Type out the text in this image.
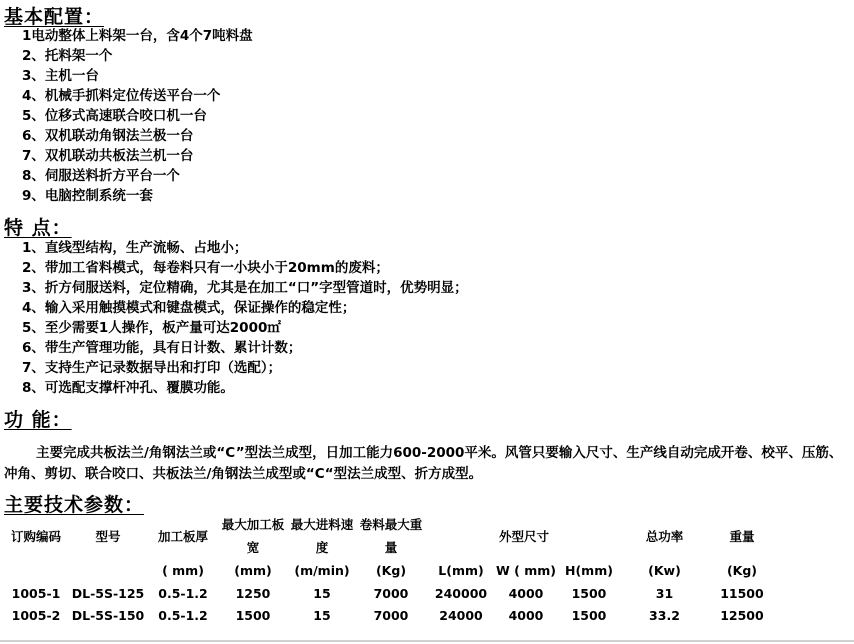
基本配置：
1电动整体上料架一台，含4个7吨料盘
2、托料架一个
3、主机一台
4、机械手抓料定位传送平台一个
5、位移式高速联合咬口机一台
6、双机联动角钢法兰极一台
7、双机联动共板法兰机一台
8、伺服送料折方平台一个
9、电脑控制系统一套
特 点：
1、直线型结构，生产流畅、占地小；
2、带加工省料模式，每卷料只有一小块小于20mm的废料；
3、折方伺服送料，定位精确，尤其是在加工“口”字型管道时，优势明显；
4、输入采用触摸模式和键盘模式，保证操作的稳定性；
5、至少需要1人操作，板产量可达2000㎡
6、带生产管理功能，具有日计数、累计计数；
7、支持生产记录数据导出和打印（选配）；
8、可选配支撑杆冲孔、覆膜功能。
功 能：
主要完成共板法兰/角钢法兰或“C”型法兰成型，日加工能力600-2000平米。风管只要输入尺寸、生产线自动完成开卷、校平、压筋、冲角、剪切、联合咬口、共板法兰/角钢法兰成型或“C“型法兰成型、折方成型。
主要技术参数：
订购编码	型号	加工板厚	最大加工板宽	最大进料速度	卷料最大重量	外型尺寸			总功率	重量
		( mm)	(mm)	(m/min)	(Kg)	L(mm)	W ( mm)	H(mm)	(Kw)	(Kg)
1005-1	DL-5S-125	0.5-1.2	1250	15	7000	240000	4000	1500	31	11500
1005-2	DL-5S-150	0.5-1.2	1500	15	7000	24000	4000	1500	33.2	12500
